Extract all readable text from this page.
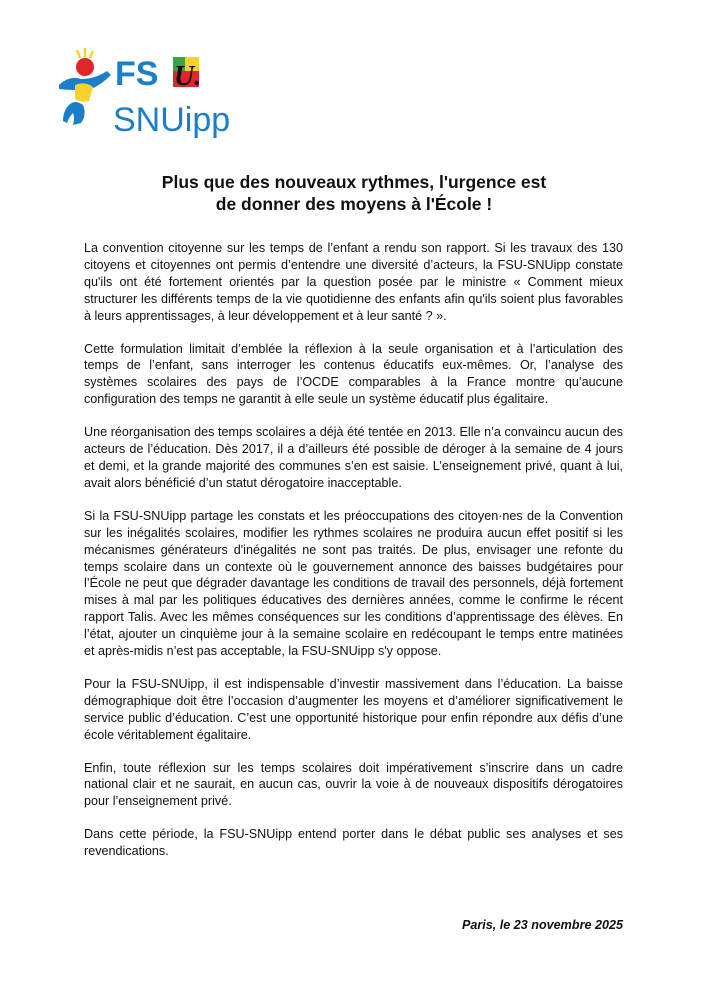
FS U.
SNUipp
Plus que des nouveaux rythmes, l'urgence est
de donner des moyens à l'École !

La convention citoyenne sur les temps de l’enfant a rendu son rapport. Si les travaux des 130 citoyens et citoyennes ont permis d’entendre une diversité d’acteurs, la FSU-SNUipp constate qu'ils ont été fortement orientés par la question posée par le ministre « Comment mieux structurer les différents temps de la vie quotidienne des enfants afin qu'ils soient plus favorables à leurs apprentissages, à leur développement et à leur santé ? ».

Cette formulation limitait d’emblée la réflexion à la seule organisation et à l’articulation des temps de l’enfant, sans interroger les contenus éducatifs eux-mêmes. Or, l’analyse des systèmes scolaires des pays de l’OCDE comparables à la France montre qu’aucune configuration des temps ne garantit à elle seule un système éducatif plus égalitaire.

Une réorganisation des temps scolaires a déjà été tentée en 2013. Elle n’a convaincu aucun des acteurs de l’éducation. Dès 2017, il a d’ailleurs été possible de déroger à la semaine de 4 jours et demi, et la grande majorité des communes s’en est saisie. L’enseignement privé, quant à lui, avait alors bénéficié d’un statut dérogatoire inacceptable.

Si la FSU-SNUipp partage les constats et les préoccupations des citoyen·nes de la Convention sur les inégalités scolaires, modifier les rythmes scolaires ne produira aucun effet positif si les mécanismes générateurs d'inégalités ne sont pas traités. De plus, envisager une refonte du temps scolaire dans un contexte où le gouvernement annonce des baisses budgétaires pour l’École ne peut que dégrader davantage les conditions de travail des personnels, déjà fortement mises à mal par les politiques éducatives des dernières années, comme le confirme le récent rapport Talis. Avec les mêmes conséquences sur les conditions d’apprentissage des élèves. En l’état, ajouter un cinquième jour à la semaine scolaire en redécoupant le temps entre matinées et après-midis n’est pas acceptable, la FSU-SNUipp s'y oppose.

Pour la FSU-SNUipp, il est indispensable d’investir massivement dans l’éducation. La baisse démographique doit être l’occasion d’augmenter les moyens et d’améliorer significativement le service public d’éducation. C’est une opportunité historique pour enfin répondre aux défis d’une école véritablement égalitaire.

Enfin, toute réflexion sur les temps scolaires doit impérativement s’inscrire dans un cadre national clair et ne saurait, en aucun cas, ouvrir la voie à de nouveaux dispositifs dérogatoires pour l’enseignement privé.

Dans cette période, la FSU-SNUipp entend porter dans le débat public ses analyses et ses revendications.

Paris, le 23 novembre 2025
